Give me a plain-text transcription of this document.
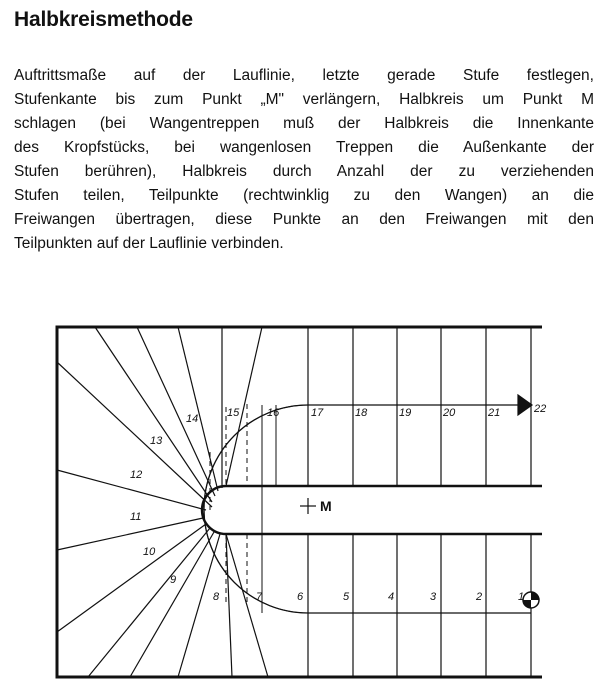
Halbkreismethode

Auftrittsmaße auf der Lauflinie, letzte gerade Stufe festlegen,
Stufenkante bis zum Punkt „M" verlängern, Halbkreis um Punkt M
schlagen (bei Wangentreppen muß der Halbkreis die Innenkante
des Kropfstücks, bei wangenlosen Treppen die Außenkante der
Stufen berühren), Halbkreis durch Anzahl der zu verziehenden
Stufen teilen, Teilpunkte (rechtwinklig zu den Wangen) an die
Freiwangen übertragen, diese Punkte an den Freiwangen mit den
Teilpunkten auf der Lauflinie verbinden.

M
1
2
3
4
5
6
7
8
9
10
11
12
13
14	15	16	17	18	19	20	21	22
